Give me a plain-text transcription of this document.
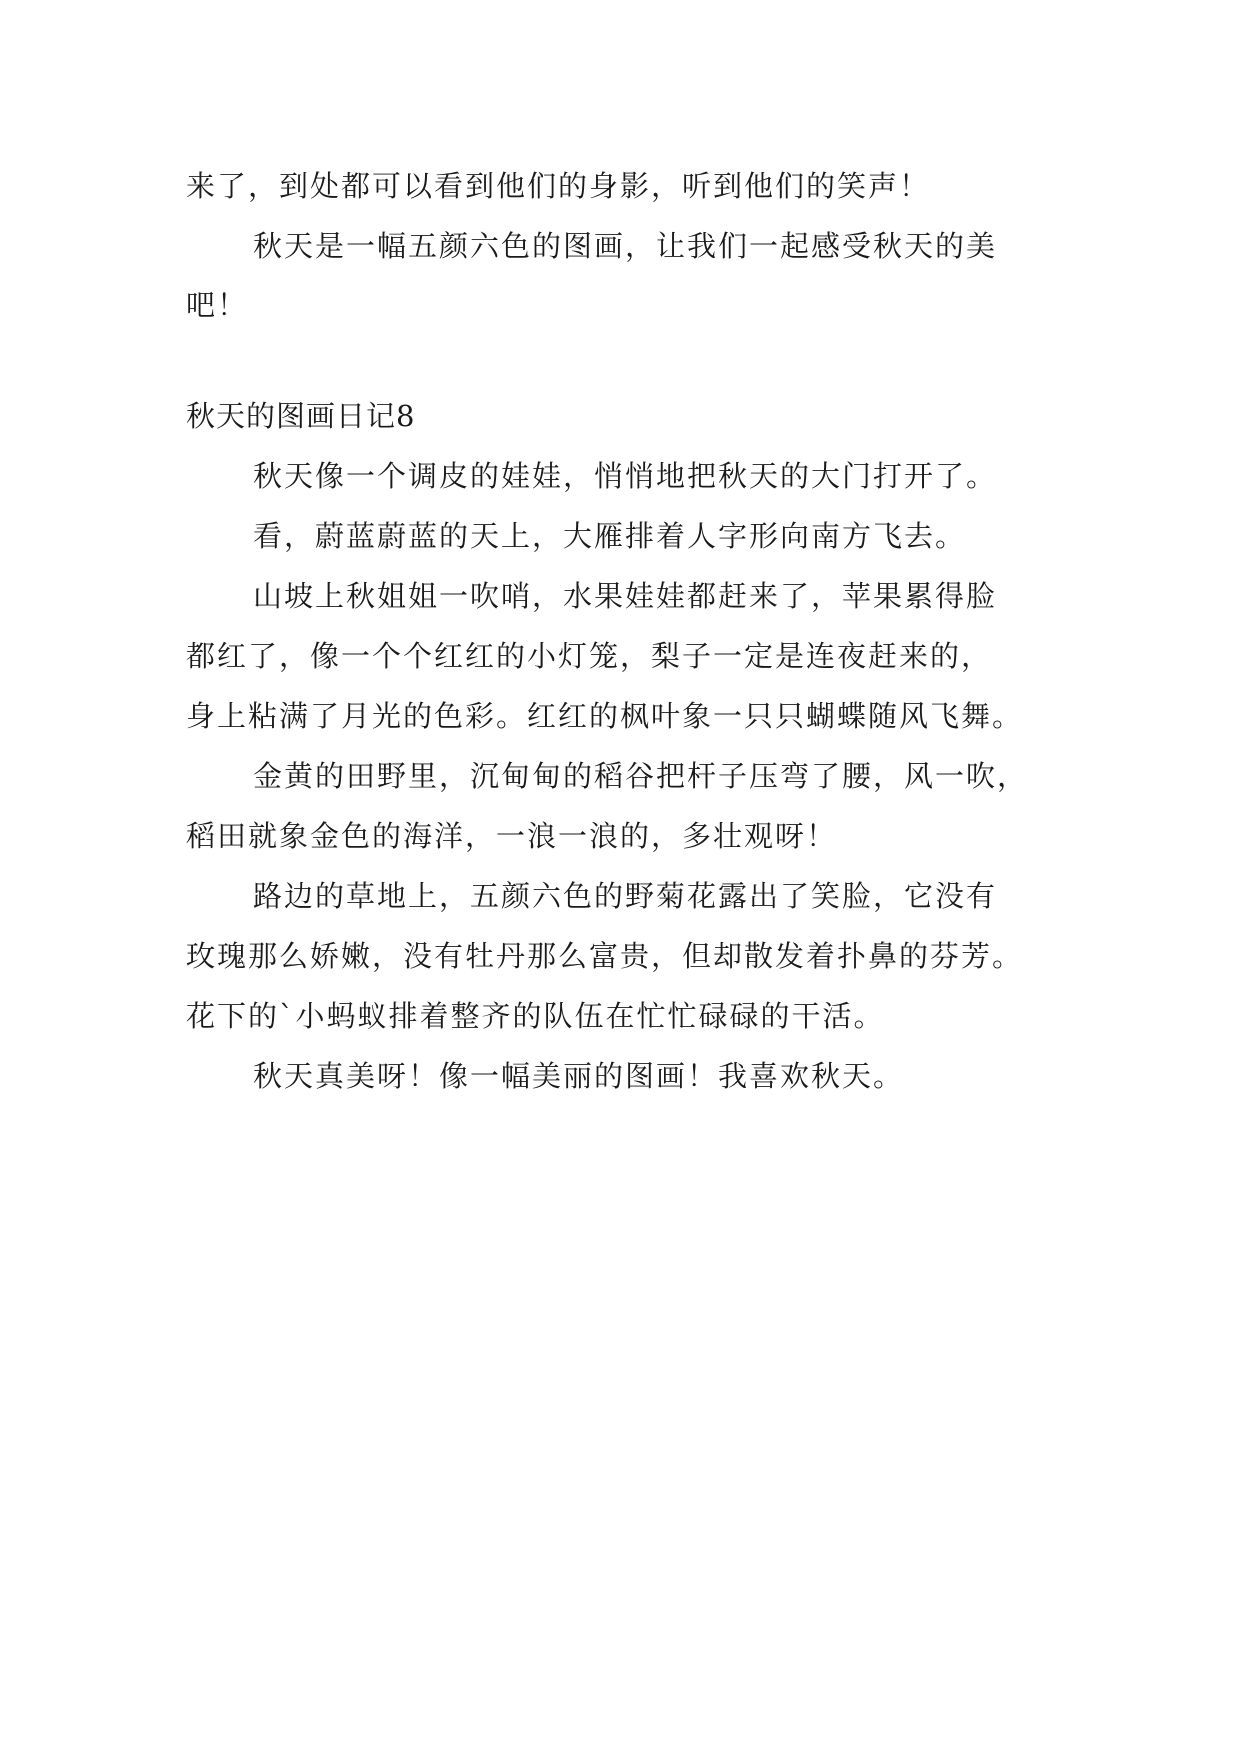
来了，到处都可以看到他们的身影，听到他们的笑声！
秋天是一幅五颜六色的图画，让我们一起感受秋天的美
吧！
秋天的图画日记8
秋天像一个调皮的娃娃，悄悄地把秋天的大门打开了。
看，蔚蓝蔚蓝的天上，大雁排着人字形向南方飞去。
山坡上秋姐姐一吹哨，水果娃娃都赶来了，苹果累得脸
都红了，像一个个红红的小灯笼，梨子一定是连夜赶来的，
身上粘满了月光的色彩。红红的枫叶象一只只蝴蝶随风飞舞。
金黄的田野里，沉甸甸的稻谷把杆子压弯了腰，风一吹，
稻田就象金色的海洋，一浪一浪的，多壮观呀！
路边的草地上，五颜六色的野菊花露出了笑脸，它没有
玫瑰那么娇嫩，没有牡丹那么富贵，但却散发着扑鼻的芬芳。
花下的`小蚂蚁排着整齐的队伍在忙忙碌碌的干活。
秋天真美呀！像一幅美丽的图画！我喜欢秋天。
